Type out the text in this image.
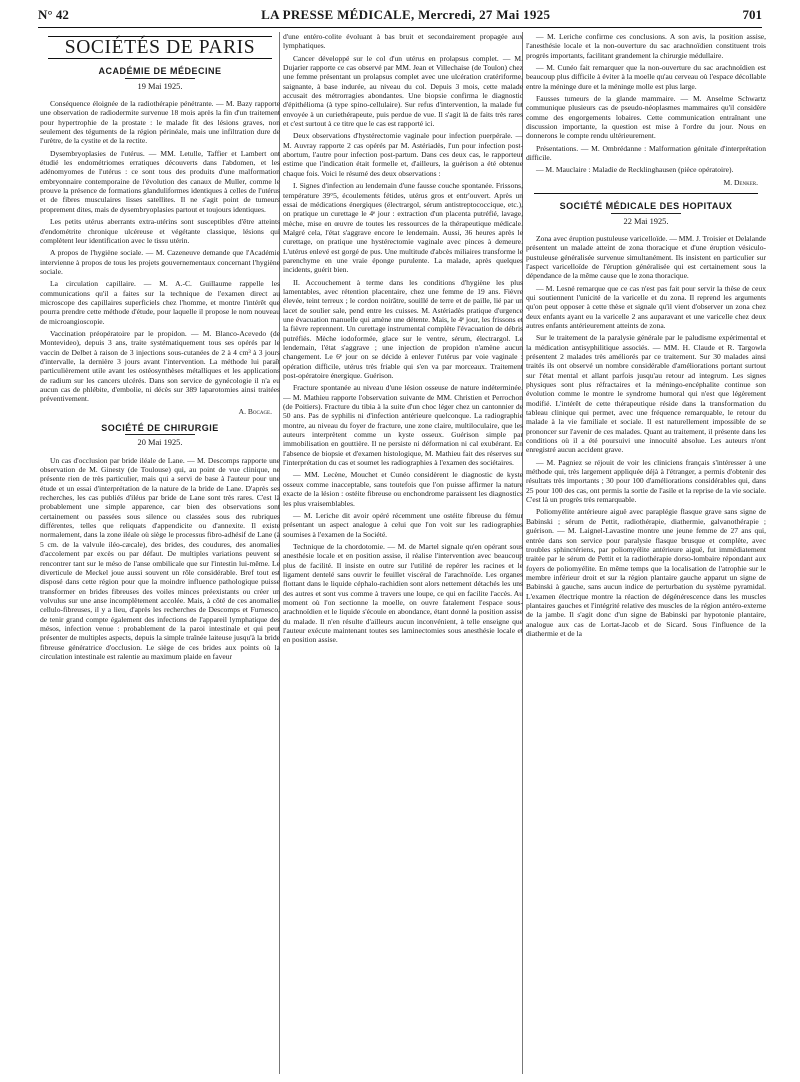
N° 42	LA PRESSE MÉDICALE, Mercredi, 27 Mai 1925	701
SOCIÉTÉS DE PARIS
ACADÉMIE DE MÉDECINE
19 Mai 1925.

Conséquence éloignée de la radiothérapie pénétrante. — M. Bazy rapporte une observation de radiodermite survenue 18 mois après la fin d'un traitement pour hypertrophie de la prostate : le malade fit des lésions graves, non seulement des téguments de la région périnéale, mais une infiltration dure de l'urètre, de la cystite et de la rectite.

Dysembryoplasies de l'utérus. — MM. Letulle, Taffier et Lambert ont étudié les endométriomes erratiques découverts dans l'abdomen, et les adénomyomes de l'utérus : ce sont tous des produits d'une malformation embryonnaire contemporaine de l'évolution des canaux de Muller, comme le prouve la présence de formations glanduliformes identiques à celles de l'utérus et de fibres musculaires lisses satellites. Il ne s'agit point de tumeurs proprement dites, mais de dysembryoplasies partout et toujours identiques.

Les petits utérus aberrants extra-utérins sont susceptibles d'être atteints d'endométrite chronique ulcéreuse et végétante classique, lésions qui complètent leur identification avec le tissu utérin.

A propos de l'hygiène sociale. — M. Cazeneuve demande que l'Académie intervienne à propos de tous les projets gouvernementaux concernant l'hygiène sociale.

La circulation capillaire. — M. A.-C. Guillaume rappelle les communications qu'il a faites sur la technique de l'examen direct au microscope des capillaires superficiels chez l'homme, et montre l'intérêt que pourra prendre cette méthode d'étude, pour laquelle il propose le nom nouveau de microangioscopie.

Vaccination préopératoire par le propidon. — M. Blanco-Acevedo (de Montevideo), depuis 3 ans, traite systématiquement tous ses opérés par le vaccin de Delbet à raison de 3 injections sous-cutanées de 2 à 4 cm³ à 3 jours d'intervalle, la dernière 3 jours avant l'intervention. La méthode lui paraît particulièrement utile avant les ostéosynthèses métalliques et les applications de radium sur les cancers ulcérés. Dans son service de gynécologie il n'a eu aucun cas de phlébite, d'embolie, ni décès sur 389 laparotomies ainsi traitées préventivement.

A. Bocage.

SOCIÉTÉ DE CHIRURGIE
20 Mai 1925.

Un cas d'occlusion par bride iléale de Lane. — M. Descomps rapporte une observation de M. Ginesty (de Toulouse) qui, au point de vue clinique, ne présente rien de très particulier, mais qui a servi de base à l'auteur pour une étude et un essai d'interprétation de la nature de la bride de Lane. D'après ses recherches, les cas publiés d'iléus par bride de Lane sont très rares. C'est là probablement une simple apparence, car bien des observations sont certainement ou passées sous silence ou classées sous des rubriques différentes, telles que reliquats d'appendicite ou d'annexite. Il existe normalement, dans la zone iléale où siège le processus fibro-adhésif de Lane (à 5 cm. de la valvule iléo-cæcale), des brides, des coudures, des anomalies d'accolement par excès ou par défaut. De multiples variations peuvent se rencontrer tant sur le méso de l'anse ombilicale que sur l'intestin lui-même. Le diverticule de Meckel joue aussi souvent un rôle considérable. Bref tout est disposé dans cette région pour que la moindre influence pathologique puisse transformer en brides fibreuses des voiles minces préexistants ou créer un volvulus sur une anse incomplètement accolée. Mais, à côté de ces anomalies cellulo-fibreuses, il y a lieu, d'après les recherches de Descomps et Furnesco, de tenir grand compte également des infections de l'appareil lymphatique des mésos, infection venue : probablement de la paroi intestinale et qui peut présenter de multiples aspects, depuis la simple traînée laiteuse jusqu'à la bride fibreuse génératrice d'occlusion. Le siège de ces brides aux points où la circulation intestinale est ralentie au maximum plaide en faveur

d'une entéro-colite évoluant à bas bruit et secondairement propagée aux lymphatiques.

Cancer développé sur le col d'un utérus en prolapsus complet. — M. Dujarier rapporte ce cas observé par MM. Jean et Villechaise (de Toulon) chez une femme présentant un prolapsus complet avec une ulcération cratériforme, saignante, à base indurée, au niveau du col. Depuis 3 mois, cette malade accusait des métrorragies abondantes. Une biopsie confirma le diagnostic d'épithélioma (à type spino-cellulaire). Sur refus d'intervention, la malade fut envoyée à un curiethérapeute, puis perdue de vue. Il s'agit là de faits très rares et c'est surtout à ce titre que le cas est rapporté ici.

Deux observations d'hystérectomie vaginale pour infection puerpérale. — M. Auvray rapporte 2 cas opérés par M. Astériadès, l'un pour infection post-abortum, l'autre pour infection post-partum. Dans ces deux cas, le rapporteur estime que l'indication était formelle et, d'ailleurs, la guérison a été obtenue chaque fois. Voici le résumé des deux observations :

I. Signes d'infection au lendemain d'une fausse couche spontanée. Frissons, température 39°5, écoulements fétides, utérus gros et entr'ouvert. Après un essai de médications énergiques (électrargol, sérum antistreptococcique, etc.), on pratique un curettage le 4ᵉ jour : extraction d'un placenta putréfié, lavage, mèche, mise en œuvre de toutes les ressources de la thérapeutique médicale. Malgré cela, l'état s'aggrave encore le lendemain. Aussi, 36 heures après le curettage, on pratique une hystérectomie vaginale avec pinces à demeure. L'utérus enlevé est gorgé de pus. Une multitude d'abcès miliaires transforme le parenchyme en une vraie éponge purulente. La malade, après quelques incidents, guérit bien.

II. Accouchement à terme dans les conditions d'hygiène les plus lamentables, avec rétention placentaire, chez une femme de 19 ans. Fièvre élevée, teint terreux ; le cordon noirâtre, souillé de terre et de paille, lié par un lacet de soulier sale, pend entre les cuisses. M. Astériadès pratique d'urgence une évacuation manuelle qui amène une détente. Mais, le 4ᵉ jour, les frissons et la fièvre reprennent. Un curettage instrumental complète l'évacuation de débris putréfiés. Mèche iodoformée, glace sur le ventre, sérum, électrargol. Le lendemain, l'état s'aggrave ; une injection de propidon n'amène aucun changement. Le 6ᵉ jour on se décide à enlever l'utérus par voie vaginale : opération difficile, utérus très friable qui s'en va par morceaux. Traitement post-opératoire énergique. Guérison.

Fracture spontanée au niveau d'une lésion osseuse de nature indéterminée. — M. Mathieu rapporte l'observation suivante de MM. Christien et Perrochon (de Poitiers). Fracture du tibia à la suite d'un choc léger chez un cantonnier de 50 ans. Pas de syphilis ni d'infection antérieure quelconque. La radiographie montre, au niveau du foyer de fracture, une zone claire, multiloculaire, que les auteurs interprètent comme un kyste osseux. Guérison simple par immobilisation en gouttière. Il ne persiste ni déformation ni cal exubérant. En l'absence de biopsie et d'examen histologique, M. Mathieu fait des réserves sur l'interprétation du cas et soumet les radiographies à l'examen des sociétaires.

— MM. Lecène, Mouchet et Cunéo considèrent le diagnostic de kyste osseux comme inacceptable, sans toutefois que l'on puisse affirmer la nature exacte de la lésion : ostéite fibreuse ou enchondrome paraissent les diagnostics les plus vraisemblables.

— M. Leriche dit avoir opéré récemment une ostéite fibreuse du fémur présentant un aspect analogue à celui que l'on voit sur les radiographies soumises à l'examen de la Société.

Technique de la chordotomie. — M. de Martel signale qu'en opérant sous anesthésie locale et en position assise, il réalise l'intervention avec beaucoup plus de facilité. Il insiste en outre sur l'utilité de repérer les racines et le ligament dentelé sans ouvrir le feuillet viscéral de l'arachnoïde. Les organes flottant dans le liquide céphalo-rachidien sont alors nettement détachés les uns des autres et sont vus comme à travers une loupe, ce qui en facilite l'accès. Au moment où l'on sectionne la moelle, on ouvre fatalement l'espace sous-arachnoïdien et le liquide s'écoule en abondance, étant donné la position assise du malade. Il n'en résulte d'ailleurs aucun inconvénient, à telle enseigne que l'auteur exécute maintenant toutes ses laminectomies sous anesthésie locale et en position assise.

— M. Leriche confirme ces conclusions. A son avis, la position assise, l'anesthésie locale et la non-ouverture du sac arachnoïdien constituent trois progrès importants, facilitant grandement la chirurgie médullaire.

— M. Cunéo fait remarquer que la non-ouverture du sac arachnoïdien est beaucoup plus difficile à éviter à la moelle qu'au cerveau où l'espace décollable entre la méninge dure et la méninge molle est plus large.

Fausses tumeurs de la glande mammaire. — M. Anselme Schwartz communique plusieurs cas de pseudo-néoplasmes mammaires qu'il considère comme des engorgements lobaires. Cette communication entraînant une discussion importante, la question est mise à l'ordre du jour. Nous en donnerons le compte rendu ultérieurement.

Présentations. — M. Ombrédanne : Malformation génitale d'interprétation difficile.

— M. Mauclaire : Maladie de Recklinghausen (pièce opératoire).

M. Denker.

SOCIÉTÉ MÉDICALE DES HOPITAUX
22 Mai 1925.

Zona avec éruption pustuleuse varicelloïde. — MM. J. Troisier et Delalande présentent un malade atteint de zona thoracique et d'une éruption vésiculo-pustuleuse généralisée survenue simultanément. Ils insistent en particulier sur l'aspect varicelloïde de l'éruption généralisée qui est certainement sous la dépendance de la même cause que le zona thoracique.

— M. Lesné remarque que ce cas n'est pas fait pour servir la thèse de ceux qui soutiennent l'unicité de la varicelle et du zona. Il reprend les arguments qu'on peut opposer à cette thèse et signale qu'il vient d'observer un zona chez deux enfants ayant eu la varicelle 2 ans auparavant et une varicelle chez deux autres enfants antérieurement atteints de zona.

Sur le traitement de la paralysie générale par le paludisme expérimental et la médication antisyphilitique associés. — MM. H. Claude et R. Targowla présentent 2 malades très améliorés par ce traitement. Sur 30 malades ainsi traités ils ont observé un nombre considérable d'améliorations portant surtout sur l'état mental et allant parfois jusqu'au retour ad integrum. Les signes physiques sont plus réfractaires et la méningo-encéphalite continue son évolution comme le montre le syndrome humoral qui n'est que légèrement modifié. L'intérêt de cette thérapeutique réside dans la transformation du tableau clinique qui permet, avec une fréquence remarquable, le retour du malade à la vie familiale et sociale. Il est naturellement impossible de se prononcer sur l'avenir de ces malades. Quant au traitement, il présente dans les conditions où il a été poursuivi une innocuité absolue. Les auteurs n'ont enregistré aucun accident grave.

— M. Pagniez se réjouit de voir les cliniciens français s'intéresser à une méthode qui, très largement appliquée déjà à l'étranger, a permis d'obtenir des résultats très importants ; 30 pour 100 d'améliorations considérables qui, dans 25 pour 100 des cas, ont permis la sortie de l'asile et la reprise de la vie sociale. C'est là un progrès très remarquable.

Poliomyélite antérieure aiguë avec paraplégie flasque grave sans signe de Babinski ; sérum de Pettit, radiothérapie, diathermie, galvanothérapie ; guérison. — M. Laignel-Lavastine montre une jeune femme de 27 ans qui, entrée dans son service pour paralysie flasque brusque et complète, avec troubles sphinctériens, par poliomyélite antérieure aiguë, fut immédiatement traitée par le sérum de Pettit et la radiothérapie dorso-lombaire répondant aux foyers de poliomyélite. En même temps que la localisation de l'atrophie sur le membre inférieur droit et sur la région plantaire gauche apparut un signe de Babinski à gauche, sans aucun indice de perturbation du système pyramidal. L'examen électrique montre la réaction de dégénérescence dans les muscles plantaires gauches et l'intégrité relative des muscles de la région antéro-externe de la jambe. Il s'agit donc d'un signe de Babinski par hypotonie plantaire, analogue aux cas de Lortat-Jacob et de Sicard. Sous l'influence de la diathermie et de la
